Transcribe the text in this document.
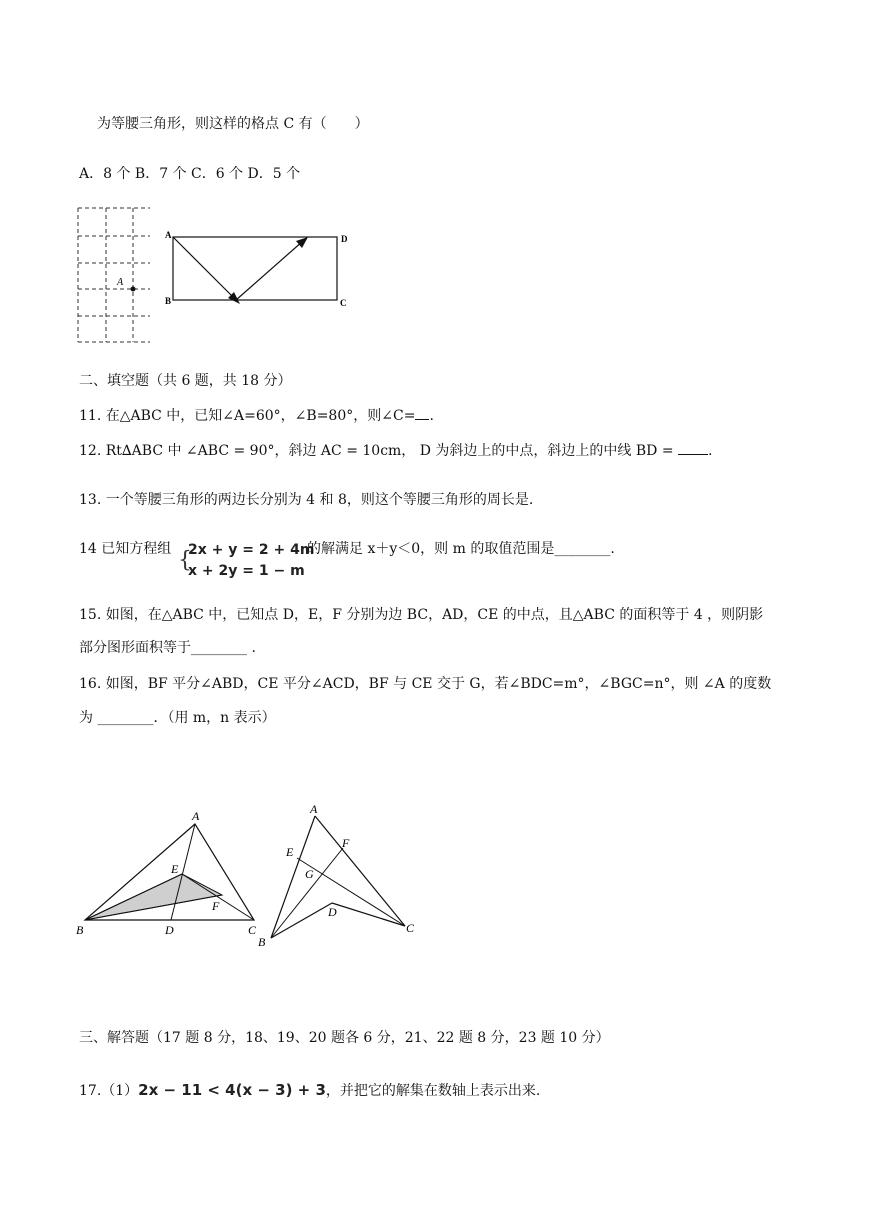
为等腰三角形，则这样的格点 C 有（　　）
A．8 个 B．7 个 C．6 个 D．5 个
A
A
B	C
D
二、填空题（共 6 题，共 18 分）
11. 在△ABC 中，已知∠A=60°，∠B=80°，则∠C= .
12. Rt∆ABC 中 ∠ABC = 90°，斜边 AC = 10cm， D 为斜边上的中点，斜边上的中线 BD = .
13. 一个等腰三角形的两边长分别为 4 和 8，则这个等腰三角形的周长是.
14 已知方程组 {
2x + y = 2 + 4m
x + 2y = 1 − m
的解满足 x＋y＜0，则 m 的取值范围是________.
15. 如图，在△ABC 中，已知点 D，E，F 分别为边 BC，AD，CE 的中点，且△ABC 的面积等于 4 ，则阴影
部分图形面积等于________ .
16. 如图，BF 平分∠ABD，CE 平分∠ACD，BF 与 CE 交于 G，若∠BDC=m°，∠BGC=n°，则 ∠A 的度数
为 ________．（用 m，n 表示）
A
B	C
D
E
F
A
B
C
D
E
F
G
三、解答题（17 题 8 分，18、19、20 题各 6 分，21、22 题 8 分，23 题 10 分）
17.（1）2x − 11 < 4(x − 3) + 3，并把它的解集在数轴上表示出来.
